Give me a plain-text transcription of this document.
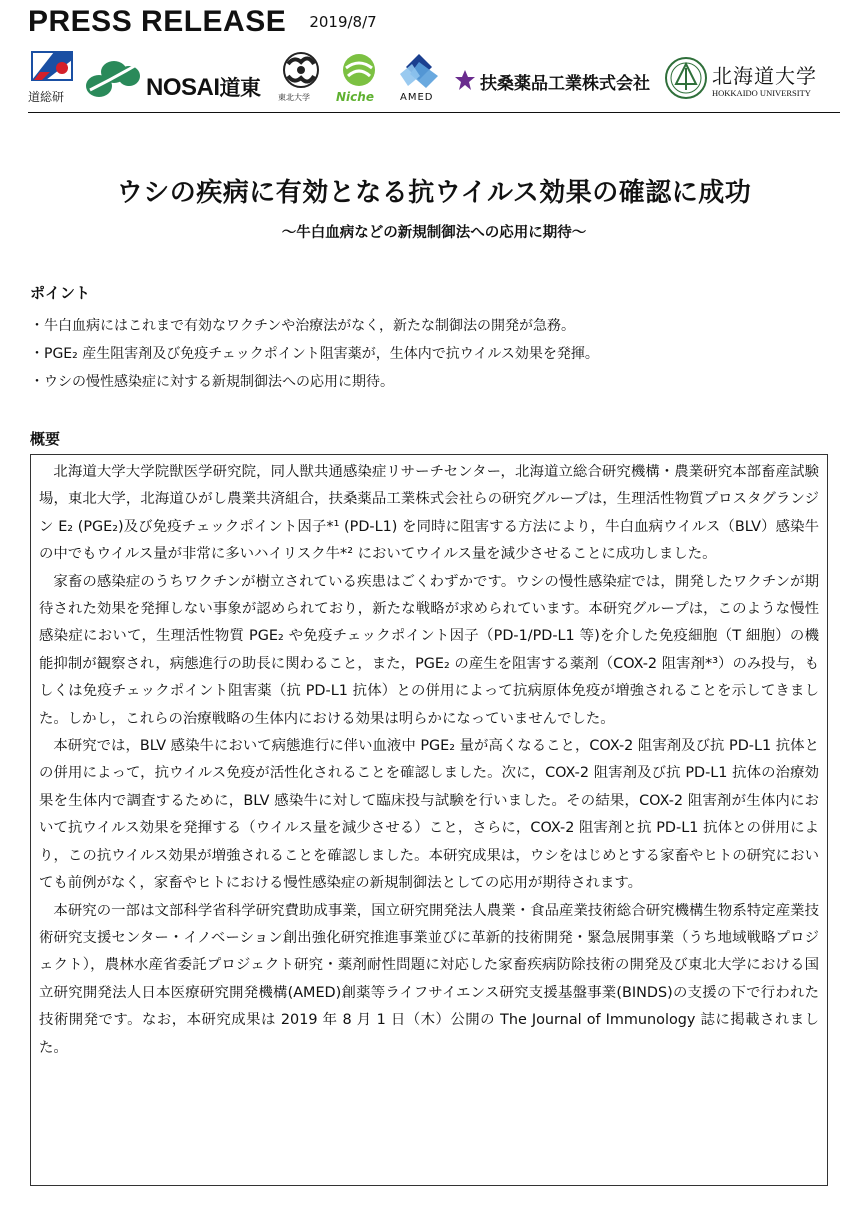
PRESS RELEASE 2019/8/7
道総研	NOSAI道東 東北大学 Niche	AMED
扶桑薬品工業株式会社	北海道大学
HOKKAIDO UNIVERSITY
ウシの疾病に有効となる抗ウイルス効果の確認に成功
〜牛白血病などの新規制御法への応用に期待〜
ポイント
・牛白血病にはこれまで有効なワクチンや治療法がなく，新たな制御法の開発が急務。
・PGE₂ 産生阻害剤及び免疫チェックポイント阻害薬が，生体内で抗ウイルス効果を発揮。
・ウシの慢性感染症に対する新規制御法への応用に期待。
概要

北海道大学大学院獣医学研究院，同人獣共通感染症リサーチセンター，北海道立総合研究機構・農業研究本部畜産試験場，東北大学，北海道ひがし農業共済組合，扶桑薬品工業株式会社らの研究グループは，生理活性物質プロスタグランジン E₂ (PGE₂)及び免疫チェックポイント因子*¹ (PD-L1) を同時に阻害する方法により，牛白血病ウイルス（BLV）感染牛の中でもウイルス量が非常に多いハイリスク牛*² においてウイルス量を減少させることに成功しました。

家畜の感染症のうちワクチンが樹立されている疾患はごくわずかです。ウシの慢性感染症では，開発したワクチンが期待された効果を発揮しない事象が認められており，新たな戦略が求められています。本研究グループは，このような慢性感染症において，生理活性物質 PGE₂ や免疫チェックポイント因子（PD-1/PD-L1 等)を介した免疫細胞（T 細胞）の機能抑制が観察され，病態進行の助長に関わること，また，PGE₂ の産生を阻害する薬剤（COX-2 阻害剤*³）のみ投与，もしくは免疫チェックポイント阻害薬（抗 PD-L1 抗体）との併用によって抗病原体免疫が増強されることを示してきました。しかし，これらの治療戦略の生体内における効果は明らかになっていませんでした。

本研究では，BLV 感染牛において病態進行に伴い血液中 PGE₂ 量が高くなること，COX-2 阻害剤及び抗 PD-L1 抗体との併用によって，抗ウイルス免疫が活性化されることを確認しました。次に，COX-2 阻害剤及び抗 PD-L1 抗体の治療効果を生体内で調査するために，BLV 感染牛に対して臨床投与試験を行いました。その結果，COX-2 阻害剤が生体内において抗ウイルス効果を発揮する（ウイルス量を減少させる）こと，さらに，COX-2 阻害剤と抗 PD-L1 抗体との併用により，この抗ウイルス効果が増強されることを確認しました。本研究成果は，ウシをはじめとする家畜やヒトの研究においても前例がなく，家畜やヒトにおける慢性感染症の新規制御法としての応用が期待されます。

本研究の一部は文部科学省科学研究費助成事業，国立研究開発法人農業・食品産業技術総合研究機構生物系特定産業技術研究支援センター・イノベーション創出強化研究推進事業並びに革新的技術開発・緊急展開事業（うち地域戦略プロジェクト），農林水産省委託プロジェクト研究・薬剤耐性問題に対応した家畜疾病防除技術の開発及び東北大学における国立研究開発法人日本医療研究開発機構(AMED)創薬等ライフサイエンス研究支援基盤事業(BINDS)の支援の下で行われた技術開発です。なお，本研究成果は 2019 年 8 月 1 日（木）公開の The Journal of Immunology 誌に掲載されました。
